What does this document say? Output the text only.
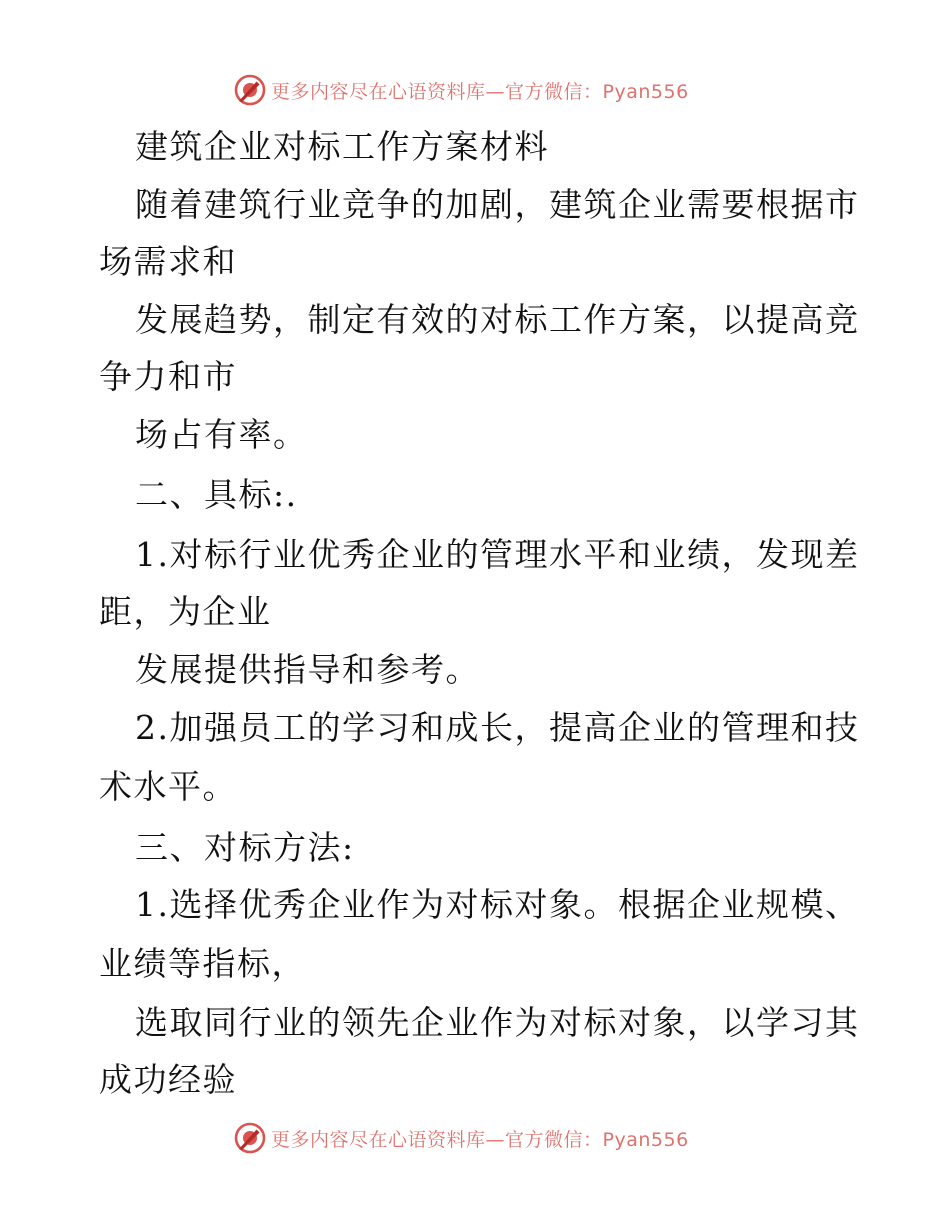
更多内容尽在心语资料库—官方微信：Pyan556

建筑企业对标工作方案材料

随着建筑行业竞争的加剧，建筑企业需要根据市

场需求和

发展趋势，制定有效的对标工作方案，以提高竞

争力和市

场占有率。

二、具标:.

1.对标行业优秀企业的管理水平和业绩，发现差

距，为企业

发展提供指导和参考。

2.加强员工的学习和成长，提高企业的管理和技

术水平。

三、对标方法:

1.选择优秀企业作为对标对象。根据企业规模、

业绩等指标，

选取同行业的领先企业作为对标对象，以学习其

成功经验

更多内容尽在心语资料库—官方微信：Pyan556
